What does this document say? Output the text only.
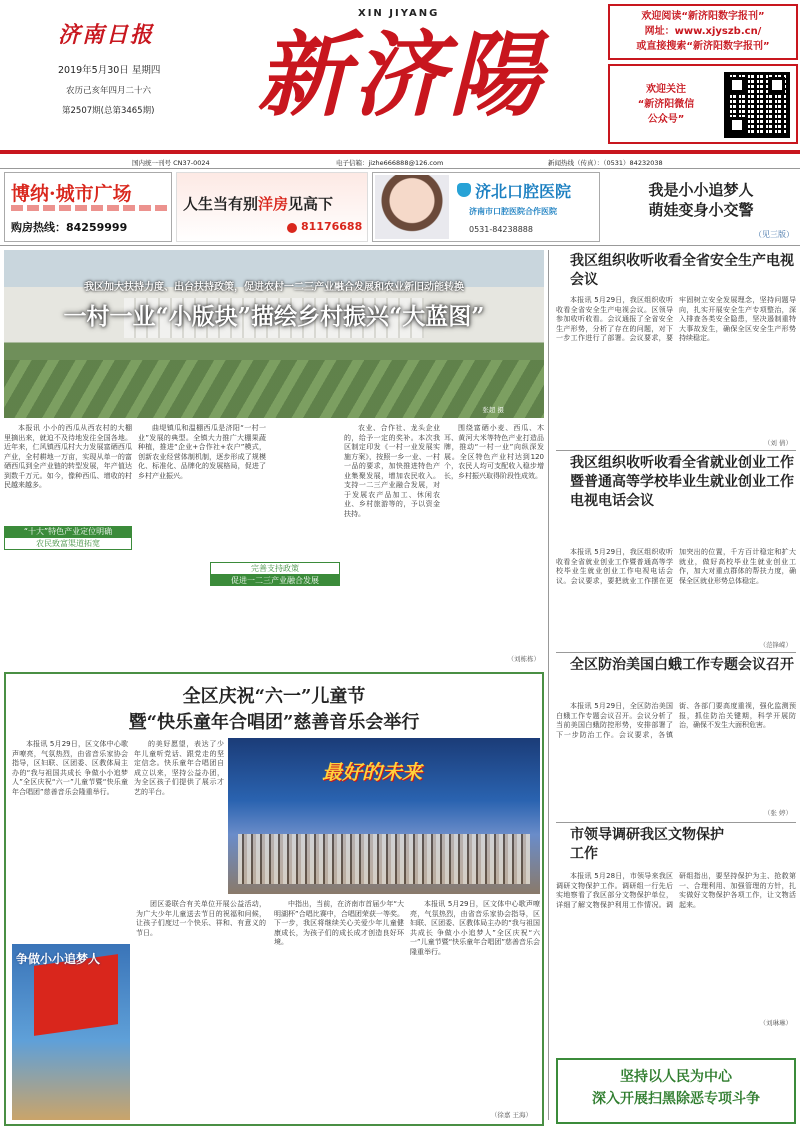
济南日报
2019年5月30日 星期四
农历己亥年四月二十六
第2507期(总第3465期)
XIN JIYANG
新济陽
欢迎阅读“新济阳数字报刊”
网址：www.xjyszb.cn/
或直接搜索“新济阳数字报刊”
欢迎关注
“新济阳微信
公众号”
国内统一刊号 CN37-0024	电子信箱：jizhe666888@126.com	新闻热线（传真）：（0531）84232038
博纳·城市广场
购房热线：84259999
人生当有别洋房见高下
81176688
济北口腔医院
济南市口腔医院合作医院
0531-84238888
我是小小追梦人
萌娃变身小交警
（见三版）
我区加大扶持力度、出台扶持政策，促进农村一二三产业融合发展和农业新旧动能转换
一村一业“小版块”描绘乡村振兴“大蓝图”
张超 摄

本报讯 小小的西瓜从西农村的大棚里摘出来，就迫不及待地发往全国各地。近年来，仁风镇西瓜村大力发展富硒西瓜产业，全村耕地一万亩，实现从单一的富硒西瓜到全产业链的转型发展，年产值达到数千万元。如今，像种西瓜、增收的村民越来越多。

“十大”特色产业定位明确
农民致富渠道拓宽

曲堤镇瓜和温棚西瓜是济阳“一村一业”发展的典型。全镇大力推广大棚果蔬种植，推进“企业+合作社+农户”模式，创新农业经营体制机制，逐步形成了规模化、标准化、品牌化的发展格局，促进了乡村产业振兴。

完善支持政策
促进一二三产业融合发展

农业、合作社、龙头企业的，给予一定的奖补。本次我区制定印发《一村一业发展实施方案》，按照一乡一业、一村一品的要求，加快推进特色产业集聚发展，增加农民收入。支持一二三产业融合发展，对于发展农产品加工、休闲农业、乡村旅游等的，予以资金扶持。

围绕富硒小麦、西瓜、木耳、黄河大米等特色产业打造品牌，推动“一村一业”向纵深发展。全区特色产业村达到120个，农民人均可支配收入稳步增长，乡村振兴取得阶段性成效。

（刘栋栋）
全区庆祝“六一”儿童节
暨“快乐童年合唱团”慈善音乐会举行

本报讯 5月29日，区文体中心歌声嘹亮，气氛热烈，由省音乐家协会指导，区妇联、区团委、区教体局主办的“我与祖国共成长 争做小小追梦人”全区庆祝“六一”儿童节暨“快乐童年合唱团”慈善音乐会隆重举行。

的美好愿望，表达了少年儿童听党话、跟党走的坚定信念。快乐童年合唱团自成立以来，坚持公益办团，为全区孩子们提供了展示才艺的平台。

最好的未来
争做小小追梦人

团区委联合有关单位开展公益活动，为广大少年儿童送去节日的祝福和问候，让孩子们度过一个快乐、祥和、有意义的节日。

中指出，当前，在济南市首届少年“大明湖杯”合唱比赛中，合唱团荣获一等奖。下一步，我区将继续关心关爱少年儿童健康成长，为孩子们的成长成才创造良好环境。

本报讯 5月29日，区文体中心歌声嘹亮，气氛热烈，由省音乐家协会指导，区妇联、区团委、区教体局主办的“我与祖国共成长 争做小小追梦人”全区庆祝“六一”儿童节暨“快乐童年合唱团”慈善音乐会隆重举行。

（徐嘉 王海）
我区组织收听收看全省安全生产电视会议

本报讯 5月29日，我区组织收听收看全省安全生产电视会议。区领导参加收听收看。会议通报了全省安全生产形势，分析了存在的问题，对下一步工作进行了部署。会议要求，要牢固树立安全发展理念，坚持问题导向，扎实开展安全生产专项整治，深入排查各类安全隐患，坚决遏制重特大事故发生，确保全区安全生产形势持续稳定。

（刘 倩）
我区组织收听收看全省就业创业工作暨普通高等学校毕业生就业创业工作电视电话会议

本报讯 5月29日，我区组织收听收看全省就业创业工作暨普通高等学校毕业生就业创业工作电视电话会议。会议要求，要把就业工作摆在更加突出的位置，千方百计稳定和扩大就业，做好高校毕业生就业创业工作，加大对重点群体的帮扶力度，确保全区就业形势总体稳定。

（范锋嵘）
全区防治美国白蛾工作专题会议召开

本报讯 5月29日，全区防治美国白蛾工作专题会议召开。会议分析了当前美国白蛾防控形势，安排部署了下一步防治工作。会议要求，各镇街、各部门要高度重视，强化监测预报，抓住防治关键期，科学开展防治，确保不发生大面积危害。

（张 婷）
市领导调研我区文物保护工作

本报讯 5月28日，市领导来我区调研文物保护工作。调研组一行先后实地察看了我区部分文物保护单位，详细了解文物保护利用工作情况。调研组指出，要坚持保护为主、抢救第一、合理利用、加强管理的方针，扎实做好文物保护各项工作，让文物活起来。

（刘琳琳）
坚持以人民为中心
深入开展扫黑除恶专项斗争
